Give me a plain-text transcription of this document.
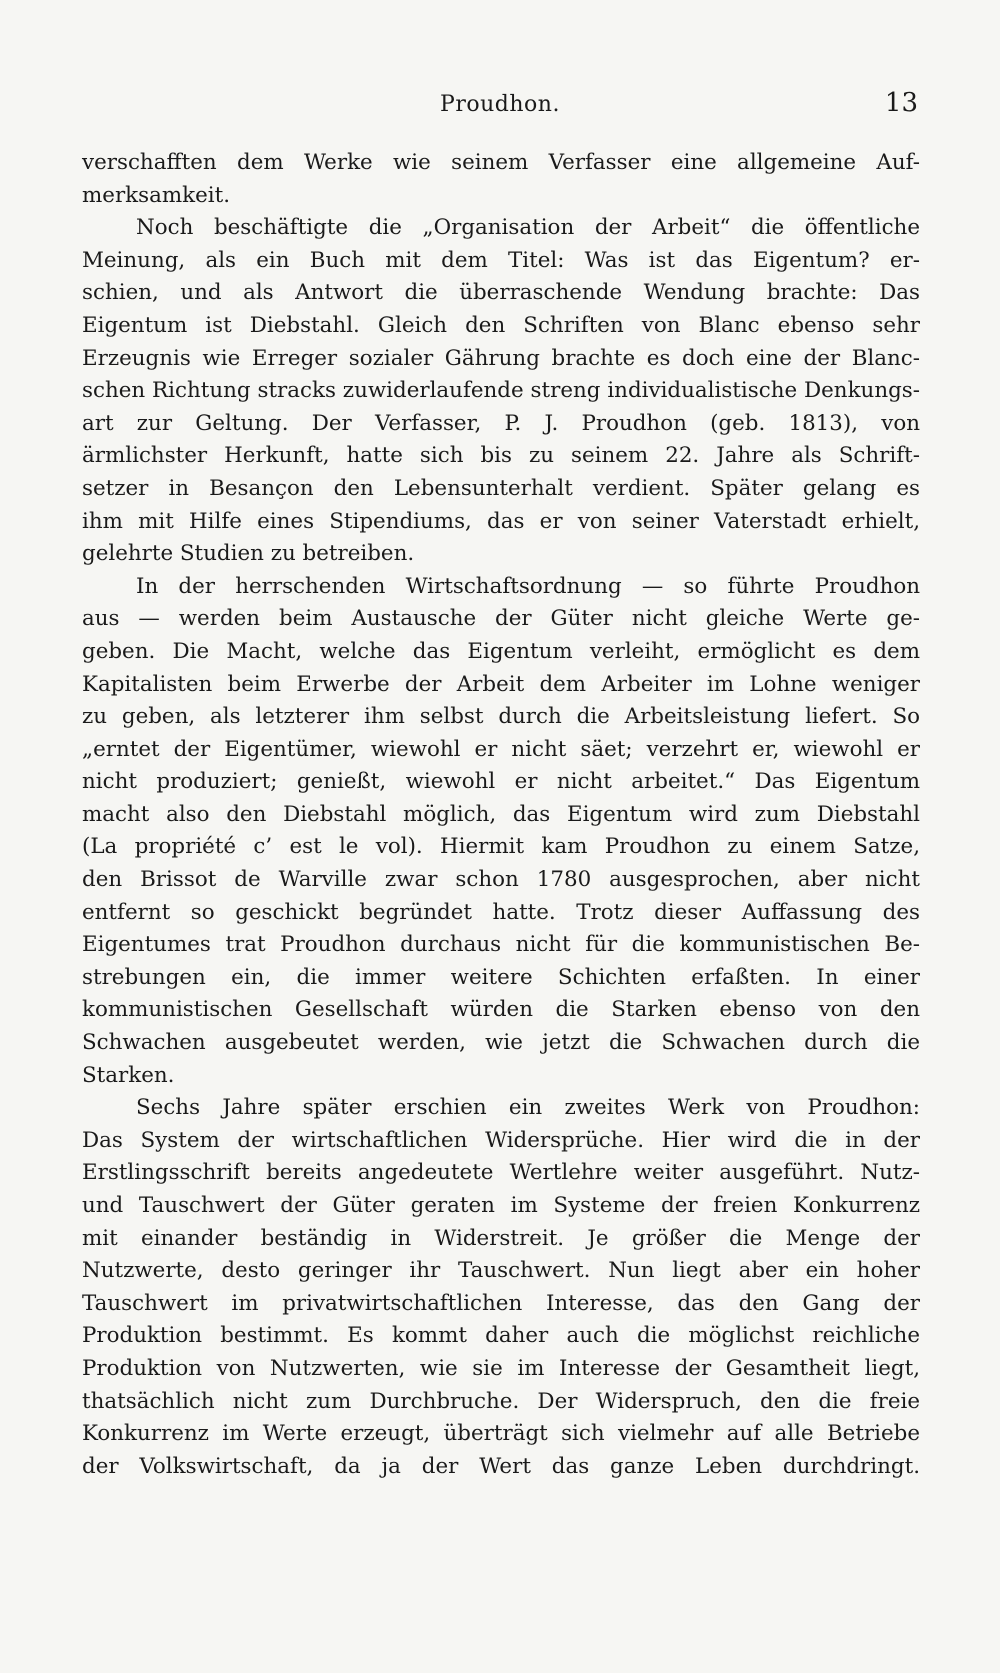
Proudhon.	13

verschafften dem Werke wie seinem Verfasser eine allgemeine Auf-
merksamkeit.

Noch beschäftigte die „Organisation der Arbeit“ die öffentliche
Meinung, als ein Buch mit dem Titel: Was ist das Eigentum? er-
schien, und als Antwort die überraschende Wendung brachte: Das
Eigentum ist Diebstahl. Gleich den Schriften von Blanc ebenso sehr
Erzeugnis wie Erreger sozialer Gährung brachte es doch eine der Blanc-
schen Richtung stracks zuwiderlaufende streng individualistische Denkungs-
art zur Geltung. Der Verfasser, P. J. Proudhon (geb. 1813), von
ärmlichster Herkunft, hatte sich bis zu seinem 22. Jahre als Schrift-
setzer in Besançon den Lebensunterhalt verdient. Später gelang es
ihm mit Hilfe eines Stipendiums, das er von seiner Vaterstadt erhielt,
gelehrte Studien zu betreiben.

In der herrschenden Wirtschaftsordnung — so führte Proudhon
aus — werden beim Austausche der Güter nicht gleiche Werte ge-
geben. Die Macht, welche das Eigentum verleiht, ermöglicht es dem
Kapitalisten beim Erwerbe der Arbeit dem Arbeiter im Lohne weniger
zu geben, als letzterer ihm selbst durch die Arbeitsleistung liefert. So
„erntet der Eigentümer, wiewohl er nicht säet; verzehrt er, wiewohl er
nicht produziert; genießt, wiewohl er nicht arbeitet.“ Das Eigentum
macht also den Diebstahl möglich, das Eigentum wird zum Diebstahl
(La propriété c’ est le vol). Hiermit kam Proudhon zu einem Satze,
den Brissot de Warville zwar schon 1780 ausgesprochen, aber nicht
entfernt so geschickt begründet hatte. Trotz dieser Auffassung des
Eigentumes trat Proudhon durchaus nicht für die kommunistischen Be-
strebungen ein, die immer weitere Schichten erfaßten. In einer
kommunistischen Gesellschaft würden die Starken ebenso von den
Schwachen ausgebeutet werden, wie jetzt die Schwachen durch die
Starken.

Sechs Jahre später erschien ein zweites Werk von Proudhon:
Das System der wirtschaftlichen Widersprüche. Hier wird die in der
Erstlingsschrift bereits angedeutete Wertlehre weiter ausgeführt. Nutz-
und Tauschwert der Güter geraten im Systeme der freien Konkurrenz
mit einander beständig in Widerstreit. Je größer die Menge der
Nutzwerte, desto geringer ihr Tauschwert. Nun liegt aber ein hoher
Tauschwert im privatwirtschaftlichen Interesse, das den Gang der
Produktion bestimmt. Es kommt daher auch die möglichst reichliche
Produktion von Nutzwerten, wie sie im Interesse der Gesamtheit liegt,
thatsächlich nicht zum Durchbruche. Der Widerspruch, den die freie
Konkurrenz im Werte erzeugt, überträgt sich vielmehr auf alle Betriebe
der Volkswirtschaft, da ja der Wert das ganze Leben durchdringt.
